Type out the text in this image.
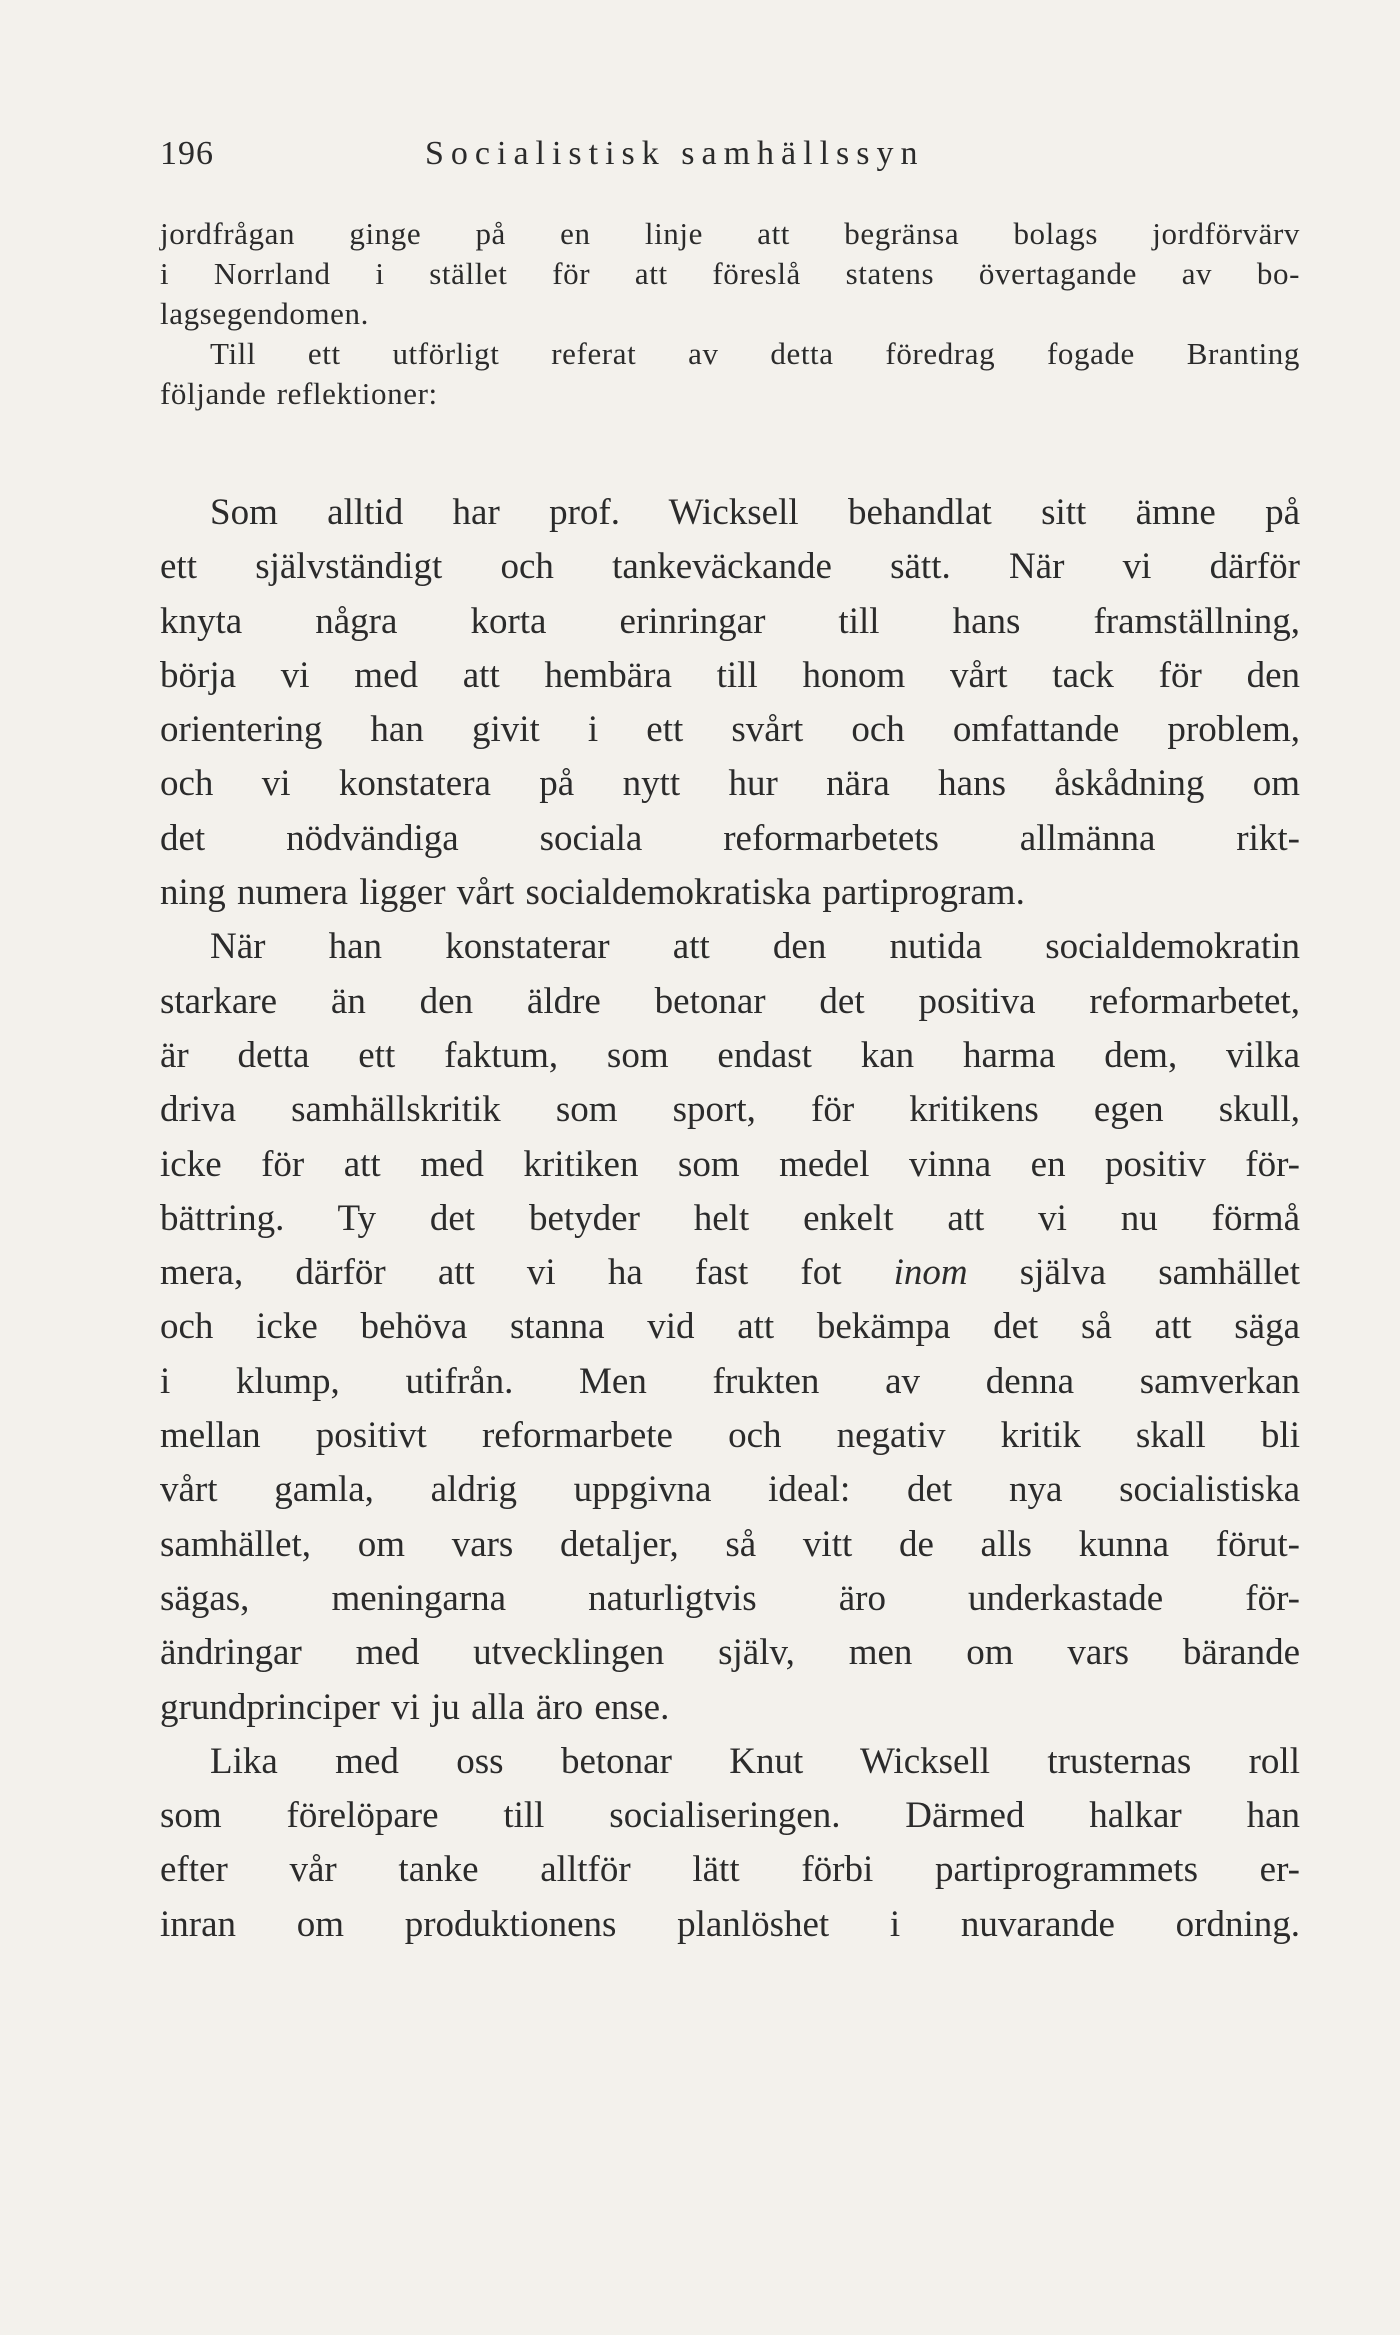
196	Socialistisk samhällssyn
jordfrågan ginge på en linje att begränsa bolags jordförvärv
i Norrland i stället för att föreslå statens övertagande av bo-
lagsegendomen.
Till ett utförligt referat av detta föredrag fogade Branting
följande reflektioner:
Som alltid har prof. Wicksell behandlat sitt ämne på
ett självständigt och tankeväckande sätt. När vi därför
knyta några korta erinringar till hans framställning,
börja vi med att hembära till honom vårt tack för den
orientering han givit i ett svårt och omfattande problem,
och vi konstatera på nytt hur nära hans åskådning om
det nödvändiga sociala reformarbetets allmänna rikt-
ning numera ligger vårt socialdemokratiska partiprogram.
När han konstaterar att den nutida socialdemokratin
starkare än den äldre betonar det positiva reformarbetet,
är detta ett faktum, som endast kan harma dem, vilka
driva samhällskritik som sport, för kritikens egen skull,
icke för att med kritiken som medel vinna en positiv för-
bättring. Ty det betyder helt enkelt att vi nu förmå
mera, därför att vi ha fast fot inom själva samhället
och icke behöva stanna vid att bekämpa det så att säga
i klump, utifrån. Men frukten av denna samverkan
mellan positivt reformarbete och negativ kritik skall bli
vårt gamla, aldrig uppgivna ideal: det nya socialistiska
samhället, om vars detaljer, så vitt de alls kunna förut-
sägas, meningarna naturligtvis äro underkastade för-
ändringar med utvecklingen själv, men om vars bärande
grundprinciper vi ju alla äro ense.
Lika med oss betonar Knut Wicksell trusternas roll
som förelöpare till socialiseringen. Därmed halkar han
efter vår tanke alltför lätt förbi partiprogrammets er-
inran om produktionens planlöshet i nuvarande ordning.
